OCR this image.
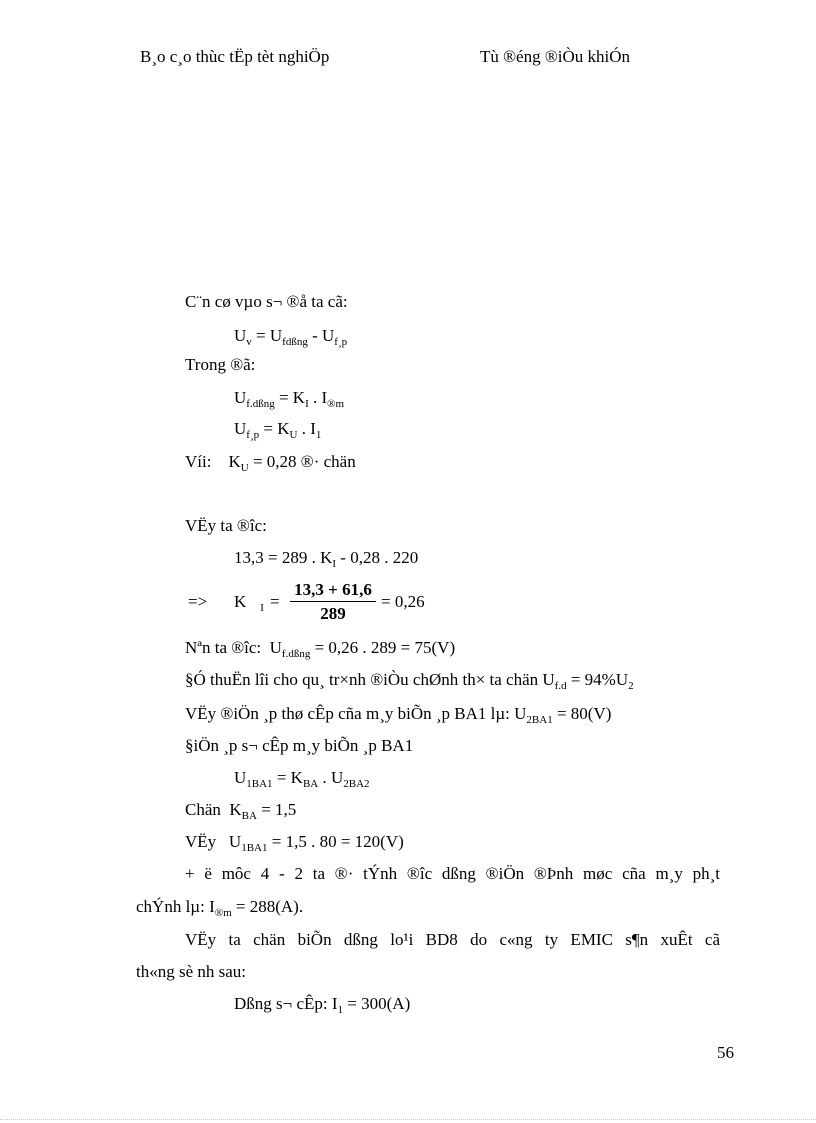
B¸o c¸o thùc tËp tèt nghiÖp	Tù ®éng ®iÒu khiÓn
C¨n cø vµo s¬ ®å ta cã:
$U_v = U_{fdßng} - U_{f¸p}$
Trong ®ã:
$U_{f.dßng} = K_I$ . $I_{®m}$
$U_{f¸p} = K_U$ . $I_1$
Víi:    $K_U = 0,28$ ®· chän
VËy ta ®îc:
13,3 = 289 . $K_I - 0,28$ . 220
=> K $_I$ =
13,3 + 61,6
289
= 0,26
Nªn ta ®îc:  $U_{f.dßng} = 0,26$ . 289 = 75(V)
§Ó thuËn lîi cho qu¸ tr×nh ®iÒu chØnh th× ta chän $U_{f.d} = 94\%U_2$
VËy ®iÖn ¸p thø cÊp cña m¸y biÕn ¸p BA1 lµ: $U_{2BA1} = 80(V)$
§iÖn ¸p s¬ cÊp m¸y biÕn ¸p BA1
$U_{1BA1} = K_{BA}$ . $U_{2BA2}$
Chän  $K_{BA} = 1,5$
VËy   $U_{1BA1} = 1,5$ . 80 = 120(V)
+ ë môc 4 - 2 ta ®· tÝnh ®îc dßng ®iÖn ®Þnh møc cña m¸y ph¸t
chÝnh lµ: $I_{®m} = 288(A)$.
VËy ta chän biÕn dßng lo¹i BD8 do c«ng ty EMIC s¶n xuÊt cã
th«ng sè nh sau:
Dßng s¬ cÊp: $I_1 = 300(A)$
56
